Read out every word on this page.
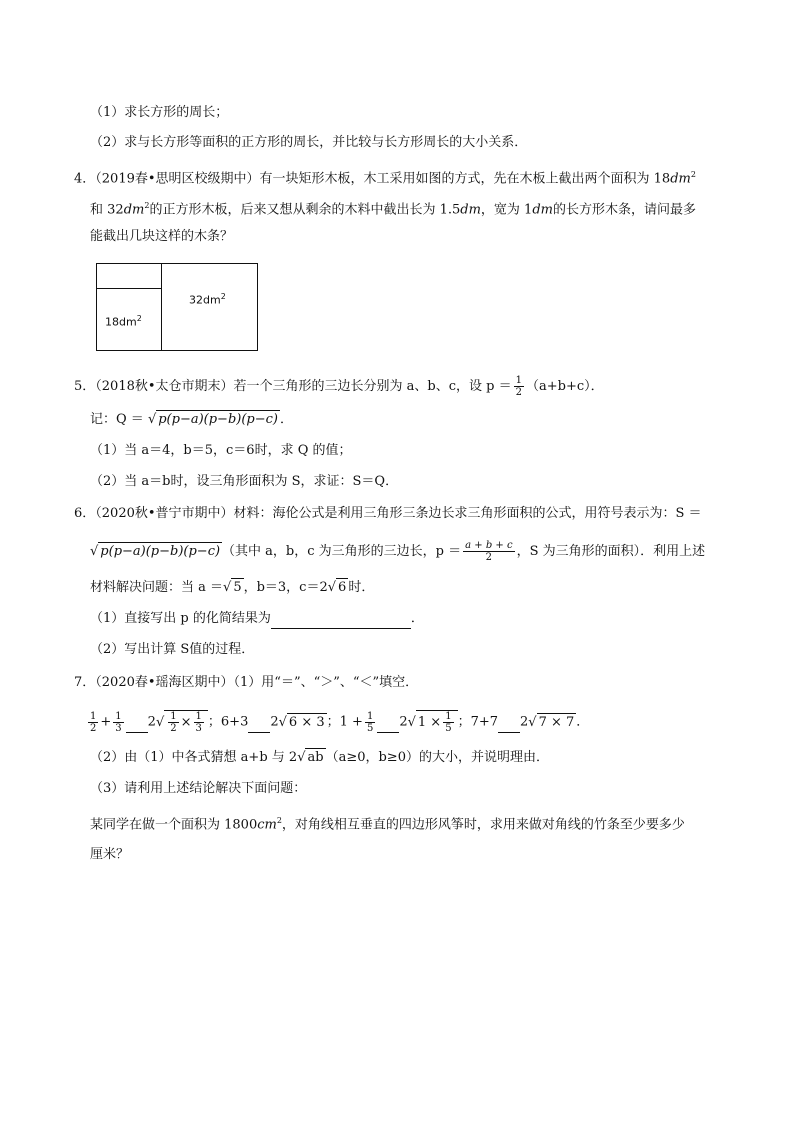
（1）求长方形的周长；
（2）求与长方形等面积的正方形的周长，并比较与长方形周长的大小关系．
4．（2019春•思明区校级期中）有一块矩形木板，木工采用如图的方式，先在木板上截出两个面积为 $18dm^2$
和 $32dm^2$的正方形木板，后来又想从剩余的木料中截出长为 1.5dm，宽为 1dm的长方形木条，请问最多
能截出几块这样的木条？
$18dm^2$
$32dm^2$
5．（2018秋•太仓市期末）若一个三角形的三边长分别为 a、b、c，设 $p = \frac{1}{2} (a+b+c)$．
记：Q ＝ √ p(p−a)(p−b)(p−c) ．
（1）当 a＝4，b＝5，c＝6时，求 Q 的值；
（2）当 a＝b时，设三角形面积为 S，求证：S＝Q．
6．（2020秋•普宁市期中）材料：海伦公式是利用三角形三条边长求三角形面积的公式，用符号表示为：S ＝
√ p(p−a)(p−b)(p−c) （其中 a，b，c 为三角形的三边长，$p = \frac{a + b + c}{2}$ ，S 为三角形的面积）．利用上述
材料解决问题：当 a ＝√ 5 ，b＝3，c＝2√ 6 时．
（1）直接写出 p 的化简结果为	．
（2）写出计算 S值的过程．
7．（2020春•瑶海区期中）（1）用“＝”、“＞”、“＜”填空．
$\frac{1}{2} + \frac{1}{3} 2√ \frac{1}{2} \times \frac{1}{3}$ ；6+3 2√ 6 × 3 ；$1 + \frac{1}{5} 2√$ $1 \times \frac{1}{5}$ ；7+7 2√ 7 × 7 ．
（2）由（1）中各式猜想 a+b 与 2√ ab （a≥0，b≥0）的大小，并说明理由．
（3）请利用上述结论解决下面问题：
某同学在做一个面积为 $1800cm^2$，对角线相互垂直的四边形风筝时，求用来做对角线的竹条至少要多少
厘米？
